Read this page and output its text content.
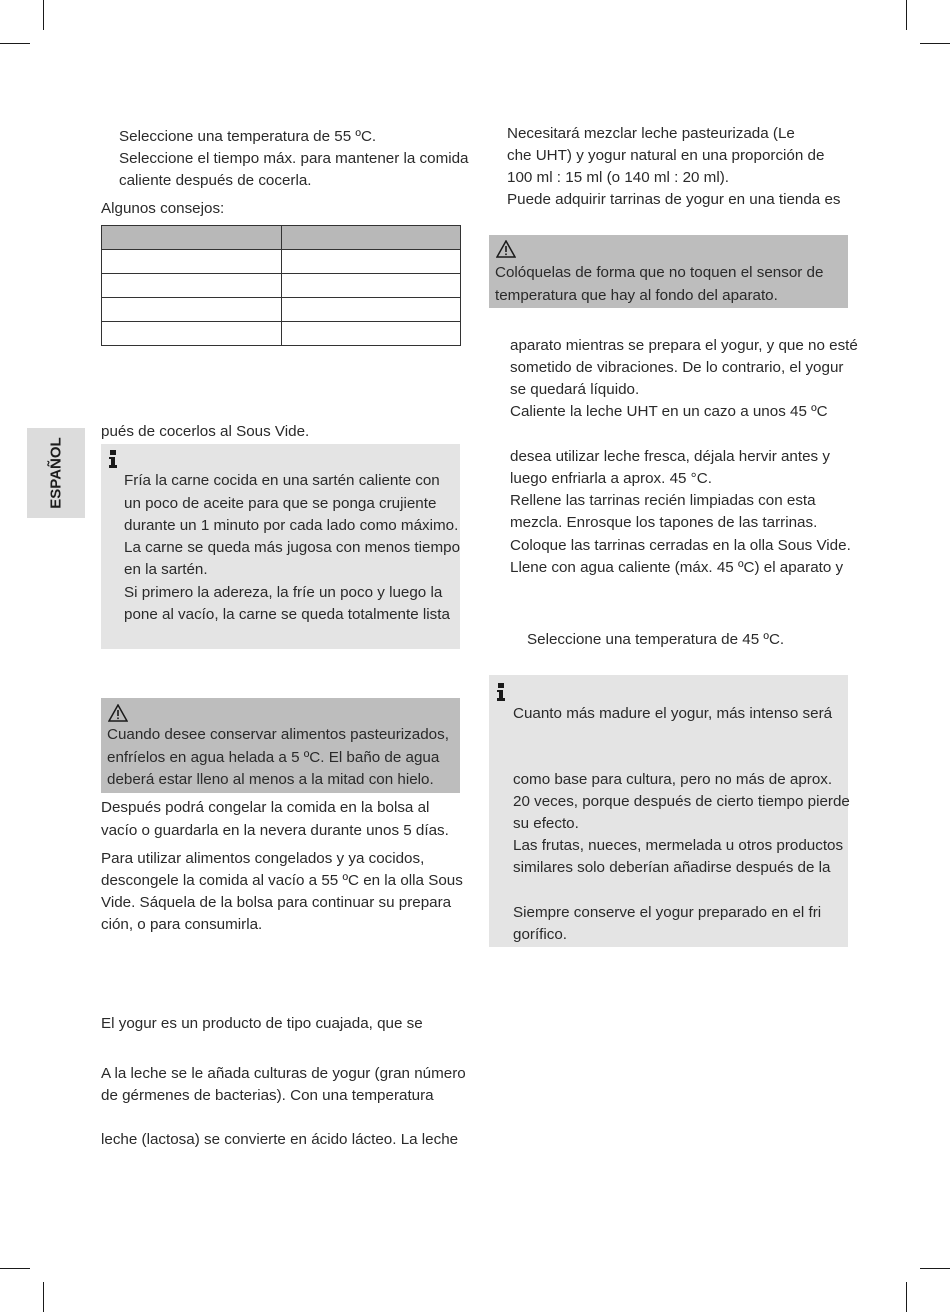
ESPAÑOL
Seleccione una temperatura de 55 ºC.
Seleccione el tiempo máx. para mantener la comida
caliente después de cocerla.
Algunos consejos:

pués de cocerlos al Sous Vide.
Fría la carne cocida en una sartén caliente con
un poco de aceite para que se ponga crujiente
durante un 1 minuto por cada lado como máximo.
La carne se queda más jugosa con menos tiempo
en la sartén.
Si primero la adereza, la fríe un poco y luego la
pone al vacío, la carne se queda totalmente lista
Cuando desee conservar alimentos pasteurizados,
enfríelos en agua helada a 5 ºC. El baño de agua
deberá estar lleno al menos a la mitad con hielo.
Después podrá congelar la comida en la bolsa al
vacío o guardarla en la nevera durante unos 5 días.
Para utilizar alimentos congelados y ya cocidos,
descongele la comida al vacío a 55 ºC en la olla Sous
Vide. Sáquela de la bolsa para continuar su prepara
ción, o para consumirla.
El yogur es un producto de tipo cuajada, que se
A la leche se le añada culturas de yogur (gran número
de gérmenes de bacterias). Con una temperatura
leche (lactosa) se convierte en ácido lácteo. La leche
Necesitará mezclar leche pasteurizada (Le
che UHT) y yogur natural en una proporción de
100 ml : 15 ml (o 140 ml : 20 ml).
Puede adquirir tarrinas de yogur en una tienda es
Colóquelas de forma que no toquen el sensor de
temperatura que hay al fondo del aparato.
aparato mientras se prepara el yogur, y que no esté
sometido de vibraciones. De lo contrario, el yogur
se quedará líquido.
Caliente la leche UHT en un cazo a unos 45 ºC
desea utilizar leche fresca, déjala hervir antes y
luego enfriarla a aprox. 45 °C.
Rellene las tarrinas recién limpiadas con esta
mezcla. Enrosque los tapones de las tarrinas.
Coloque las tarrinas cerradas en la olla Sous Vide.
Llene con agua caliente (máx. 45 ºC) el aparato y
Seleccione una temperatura de 45 ºC.
Cuanto más madure el yogur, más intenso será
como base para cultura, pero no más de aprox.
20 veces, porque después de cierto tiempo pierde
su efecto.
Las frutas, nueces, mermelada u otros productos
similares solo deberían añadirse después de la
Siempre conserve el yogur preparado en el fri
gorífico.
